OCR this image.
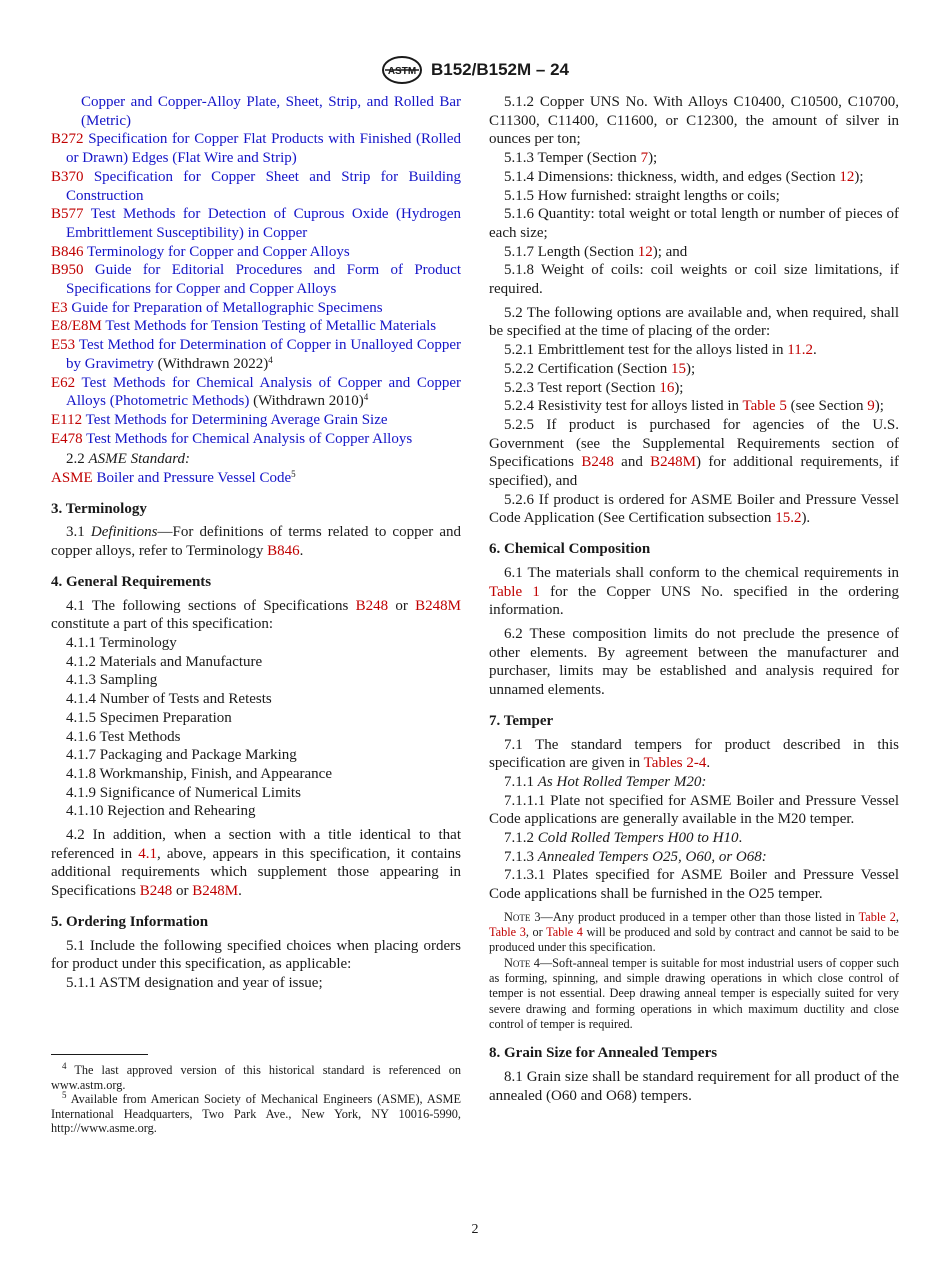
ASTM B152/B152M – 24

Copper and Copper-Alloy Plate, Sheet, Strip, and Rolled Bar (Metric)

B272 Specification for Copper Flat Products with Finished (Rolled or Drawn) Edges (Flat Wire and Strip)

B370 Specification for Copper Sheet and Strip for Building Construction

B577 Test Methods for Detection of Cuprous Oxide (Hydrogen Embrittlement Susceptibility) in Copper

B846 Terminology for Copper and Copper Alloys

B950 Guide for Editorial Procedures and Form of Product Specifications for Copper and Copper Alloys

E3 Guide for Preparation of Metallographic Specimens

E8/E8M Test Methods for Tension Testing of Metallic Materials

E53 Test Method for Determination of Copper in Unalloyed Copper by Gravimetry (Withdrawn 2022)$^4$

E62 Test Methods for Chemical Analysis of Copper and Copper Alloys (Photometric Methods) (Withdrawn 2010)$^4$

E112 Test Methods for Determining Average Grain Size

E478 Test Methods for Chemical Analysis of Copper Alloys

2.2 ASME Standard:

ASME Boiler and Pressure Vessel Code$^5$

3. Terminology

3.1 Definitions—For definitions of terms related to copper and copper alloys, refer to Terminology B846.

4. General Requirements

4.1 The following sections of Specifications B248 or B248M constitute a part of this specification:

4.1.1 Terminology
4.1.2 Materials and Manufacture
4.1.3 Sampling
4.1.4 Number of Tests and Retests
4.1.5 Specimen Preparation
4.1.6 Test Methods
4.1.7 Packaging and Package Marking
4.1.8 Workmanship, Finish, and Appearance
4.1.9 Significance of Numerical Limits
4.1.10 Rejection and Rehearing

4.2 In addition, when a section with a title identical to that referenced in 4.1, above, appears in this specification, it contains additional requirements which supplement those appearing in Specifications B248 or B248M.

5. Ordering Information

5.1 Include the following specified choices when placing orders for product under this specification, as applicable:

5.1.1 ASTM designation and year of issue;

$^4$ The last approved version of this historical standard is referenced on www.astm.org.

$^5$ Available from American Society of Mechanical Engineers (ASME), ASME International Headquarters, Two Park Ave., New York, NY 10016-5990, http://www.asme.org.

5.1.2 Copper UNS No. With Alloys C10400, C10500, C10700, C11300, C11400, C11600, or C12300, the amount of silver in ounces per ton;

5.1.3 Temper (Section 7);

5.1.4 Dimensions: thickness, width, and edges (Section 12);

5.1.5 How furnished: straight lengths or coils;

5.1.6 Quantity: total weight or total length or number of pieces of each size;

5.1.7 Length (Section 12); and

5.1.8 Weight of coils: coil weights or coil size limitations, if required.

5.2 The following options are available and, when required, shall be specified at the time of placing of the order:

5.2.1 Embrittlement test for the alloys listed in 11.2.

5.2.2 Certification (Section 15);

5.2.3 Test report (Section 16);

5.2.4 Resistivity test for alloys listed in Table 5 (see Section 9);

5.2.5 If product is purchased for agencies of the U.S. Government (see the Supplemental Requirements section of Specifications B248 and B248M) for additional requirements, if specified), and

5.2.6 If product is ordered for ASME Boiler and Pressure Vessel Code Application (See Certification subsection 15.2).

6. Chemical Composition

6.1 The materials shall conform to the chemical requirements in Table 1 for the Copper UNS No. specified in the ordering information.

6.2 These composition limits do not preclude the presence of other elements. By agreement between the manufacturer and purchaser, limits may be established and analysis required for unnamed elements.

7. Temper

7.1 The standard tempers for product described in this specification are given in Tables 2-4.

7.1.1 As Hot Rolled Temper M20:

7.1.1.1 Plate not specified for ASME Boiler and Pressure Vessel Code applications are generally available in the M20 temper.

7.1.2 Cold Rolled Tempers H00 to H10.

7.1.3 Annealed Tempers O25, O60, or O68:

7.1.3.1 Plates specified for ASME Boiler and Pressure Vessel Code applications shall be furnished in the O25 temper.

Note 3—Any product produced in a temper other than those listed in Table 2, Table 3, or Table 4 will be produced and sold by contract and cannot be said to be produced under this specification.

Note 4—Soft-anneal temper is suitable for most industrial users of copper such as forming, spinning, and simple drawing operations in which close control of temper is not essential. Deep drawing anneal temper is especially suited for very severe drawing and forming operations in which maximum ductility and close control of temper is required.

8. Grain Size for Annealed Tempers

8.1 Grain size shall be standard requirement for all product of the annealed (O60 and O68) tempers.

2
